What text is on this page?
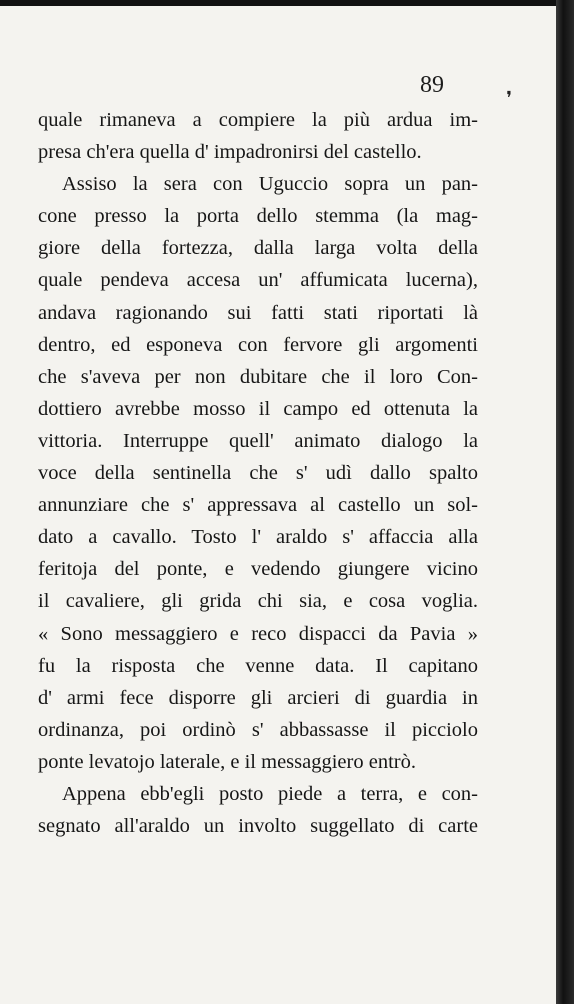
89
❜
quale rimaneva a compiere la più ardua im-
presa ch'era quella d' impadronirsi del castello.
Assiso la sera con Uguccio sopra un pan-
cone presso la porta dello stemma (la mag-
giore della fortezza, dalla larga volta della
quale pendeva accesa un' affumicata lucerna),
andava ragionando sui fatti stati riportati là
dentro, ed esponeva con fervore gli argomenti
che s'aveva per non dubitare che il loro Con-
dottiero avrebbe mosso il campo ed ottenuta la
vittoria. Interruppe quell' animato dialogo la
voce della sentinella che s' udì dallo spalto
annunziare che s' appressava al castello un sol-
dato a cavallo. Tosto l' araldo s' affaccia alla
feritoja del ponte, e vedendo giungere vicino
il cavaliere, gli grida chi sia, e cosa voglia.
« Sono messaggiero e reco dispacci da Pavia »
fu la risposta che venne data. Il capitano
d' armi fece disporre gli arcieri di guardia in
ordinanza, poi ordinò s' abbassasse il picciolo
ponte levatojo laterale, e il messaggiero entrò.
Appena ebb'egli posto piede a terra, e con-
segnato all'araldo un involto suggellato di carte
